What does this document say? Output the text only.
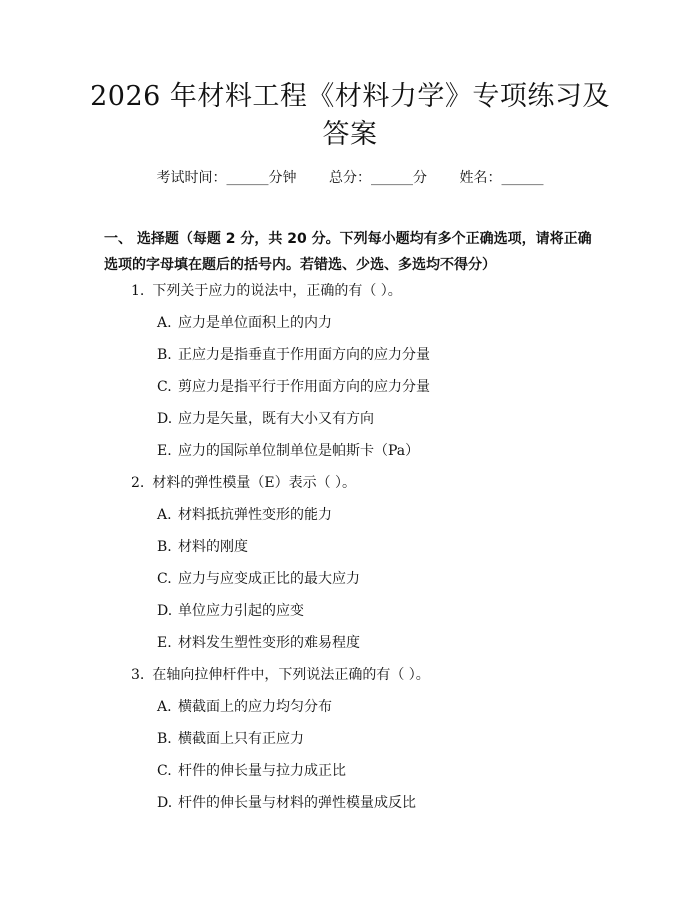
2026 年材料工程《材料力学》专项练习及答案
考试时间：______分钟 总分：______分 姓名：______
一、 选择题（每题 2 分，共 20 分。下列每小题均有多个正确选项，请将正确选项的字母填在题后的括号内。若错选、少选、多选均不得分）
1. 下列关于应力的说法中，正确的有（ ）。
A. 应力是单位面积上的内力
B. 正应力是指垂直于作用面方向的应力分量
C. 剪应力是指平行于作用面方向的应力分量
D. 应力是矢量，既有大小又有方向
E. 应力的国际单位制单位是帕斯卡（Pa）
2. 材料的弹性模量（E）表示（ ）。
A. 材料抵抗弹性变形的能力
B. 材料的刚度
C. 应力与应变成正比的最大应力
D. 单位应力引起的应变
E. 材料发生塑性变形的难易程度
3. 在轴向拉伸杆件中，下列说法正确的有（ ）。
A. 横截面上的应力均匀分布
B. 横截面上只有正应力
C. 杆件的伸长量与拉力成正比
D. 杆件的伸长量与材料的弹性模量成反比
